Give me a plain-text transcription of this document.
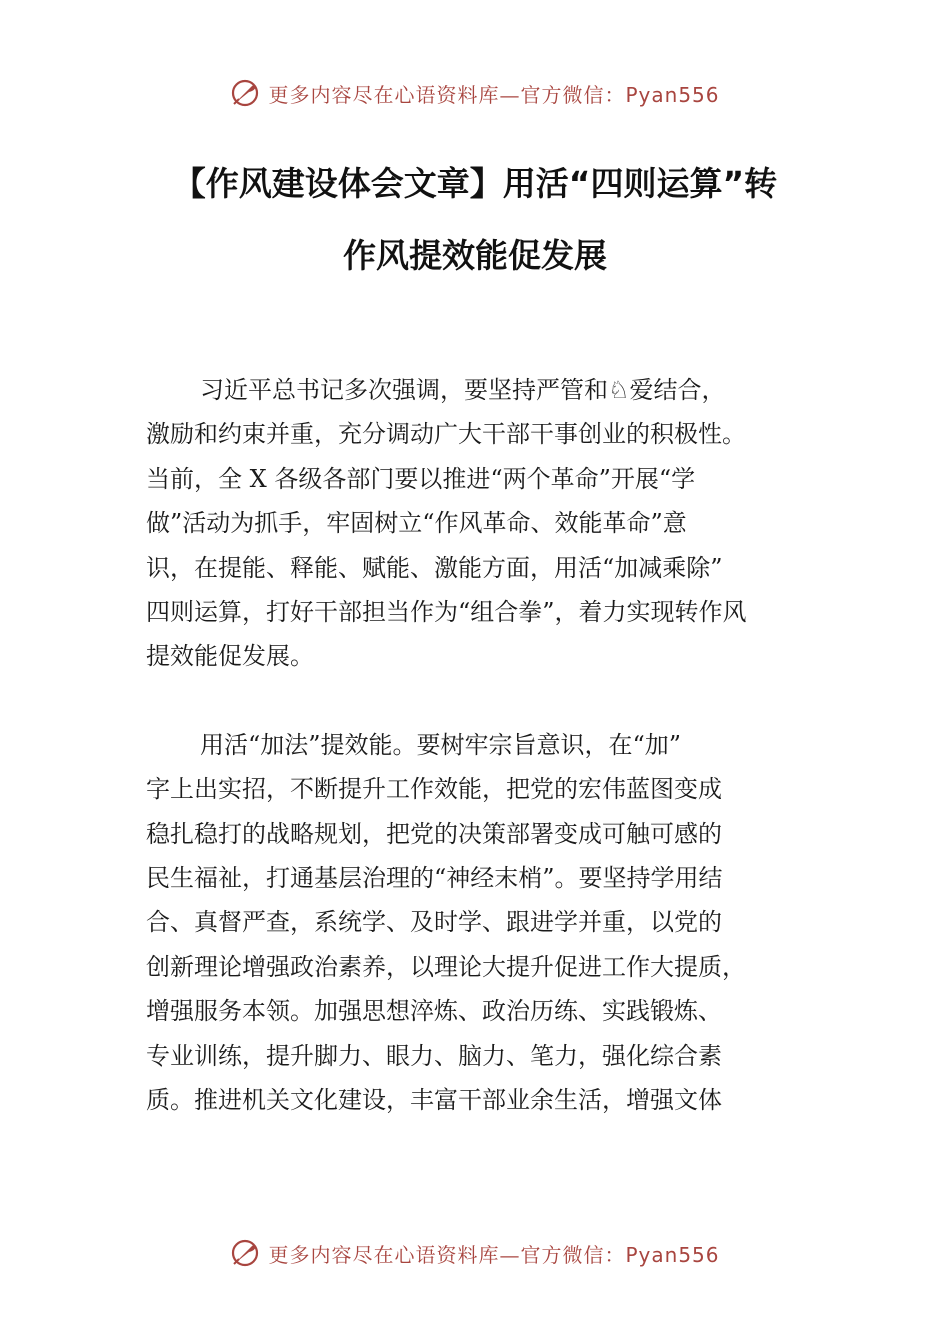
更多内容尽在心语资料库—官方微信：Pyan556
【作风建设体会文章】用活“四则运算”转
作风提效能促发展

习近平总书记多次强调，要坚持严管和♘爱结合，
激励和约束并重，充分调动广大干部干事创业的积极性。
当前，全 X 各级各部门要以推进“两个革命”开展“学
做”活动为抓手，牢固树立“作风革命、效能革命”意
识，在提能、释能、赋能、激能方面，用活“加减乘除”
四则运算，打好干部担当作为“组合拳”，着力实现转作风
提效能促发展。

用活“加法”提效能。要树牢宗旨意识，在“加”
字上出实招，不断提升工作效能，把党的宏伟蓝图变成
稳扎稳打的战略规划，把党的决策部署变成可触可感的
民生福祉，打通基层治理的“神经末梢”。要坚持学用结
合、真督严查，系统学、及时学、跟进学并重，以党的
创新理论增强政治素养，以理论大提升促进工作大提质，
增强服务本领。加强思想淬炼、政治历练、实践锻炼、
专业训练，提升脚力、眼力、脑力、笔力，强化综合素
质。推进机关文化建设，丰富干部业余生活，增强文体

更多内容尽在心语资料库—官方微信：Pyan556
